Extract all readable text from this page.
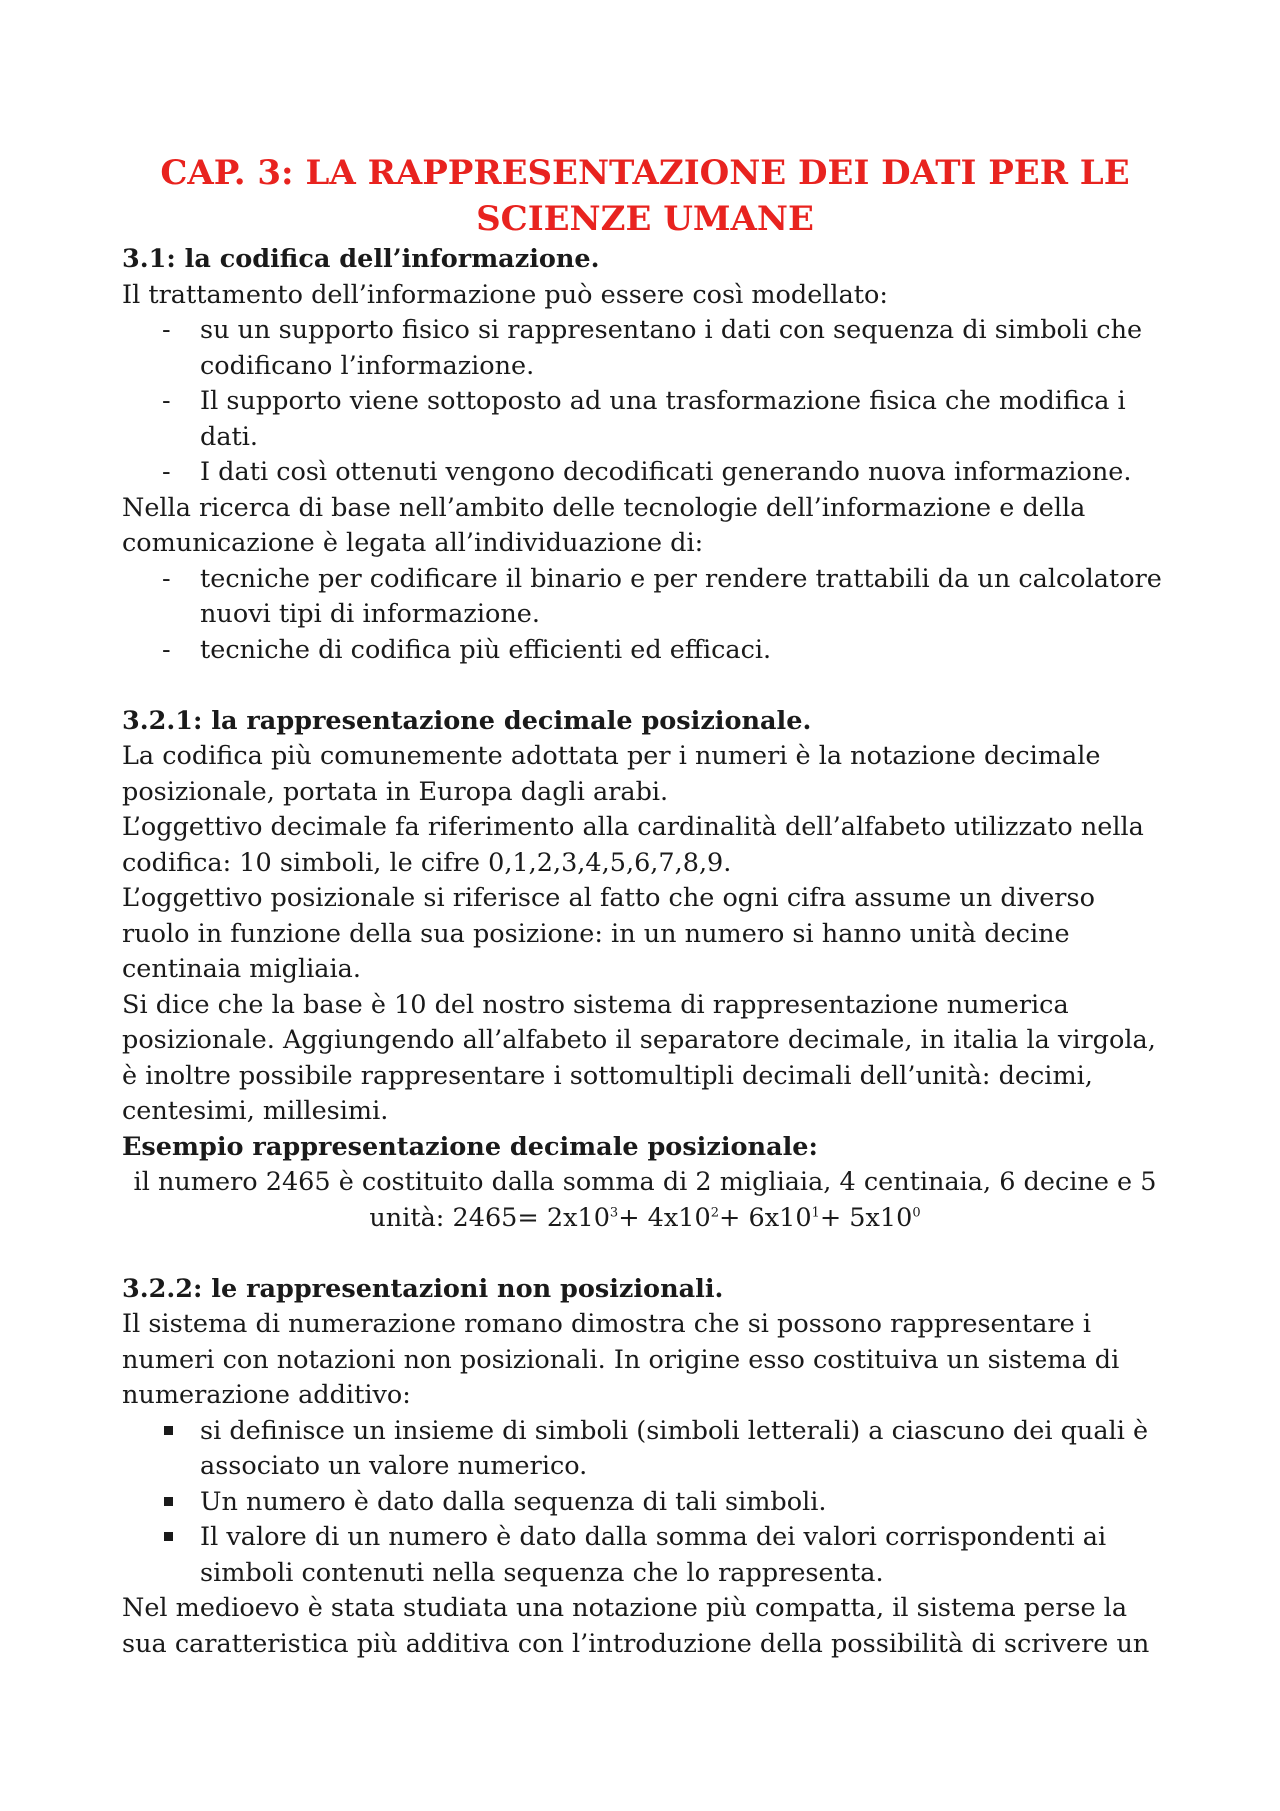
CAP. 3: LA RAPPRESENTAZIONE DEI DATI PER LE SCIENZE UMANE

3.1: la codifica dell’informazione.

Il trattamento dell’informazione può essere così modellato:

- su un supporto fisico si rappresentano i dati con sequenza di simboli che codificano l’informazione.
- Il supporto viene sottoposto ad una trasformazione fisica che modifica i dati.
- I dati così ottenuti vengono decodificati generando nuova informazione.

Nella ricerca di base nell’ambito delle tecnologie dell’informazione e della comunicazione è legata all’individuazione di:

- tecniche per codificare il binario e per rendere trattabili da un calcolatore nuovi tipi di informazione.
- tecniche di codifica più efficienti ed efficaci.

3.2.1: la rappresentazione decimale posizionale.

La codifica più comunemente adottata per i numeri è la notazione decimale posizionale, portata in Europa dagli arabi.

L’oggettivo decimale fa riferimento alla cardinalità dell’alfabeto utilizzato nella codifica: 10 simboli, le cifre 0,1,2,3,4,5,6,7,8,9.

L’oggettivo posizionale si riferisce al fatto che ogni cifra assume un diverso ruolo in funzione della sua posizione: in un numero si hanno unità decine centinaia migliaia.

Si dice che la base è 10 del nostro sistema di rappresentazione numerica posizionale. Aggiungendo all’alfabeto il separatore decimale, in italia la virgola, è inoltre possibile rappresentare i sottomultipli decimali dell’unità: decimi, centesimi, millesimi.

Esempio rappresentazione decimale posizionale:

il numero 2465 è costituito dalla somma di 2 migliaia, 4 centinaia, 6 decine e 5

unità: $2465= 2x10^3+ 4x10^2+ 6x10^1+ 5x10^0$

3.2.2: le rappresentazioni non posizionali.

Il sistema di numerazione romano dimostra che si possono rappresentare i numeri con notazioni non posizionali. In origine esso costituiva un sistema di numerazione additivo:

si definisce un insieme di simboli (simboli letterali) a ciascuno dei quali è associato un valore numerico.
Un numero è dato dalla sequenza di tali simboli.
Il valore di un numero è dato dalla somma dei valori corrispondenti ai simboli contenuti nella sequenza che lo rappresenta.

Nel medioevo è stata studiata una notazione più compatta, il sistema perse la sua caratteristica più additiva con l’introduzione della possibilità di scrivere un
